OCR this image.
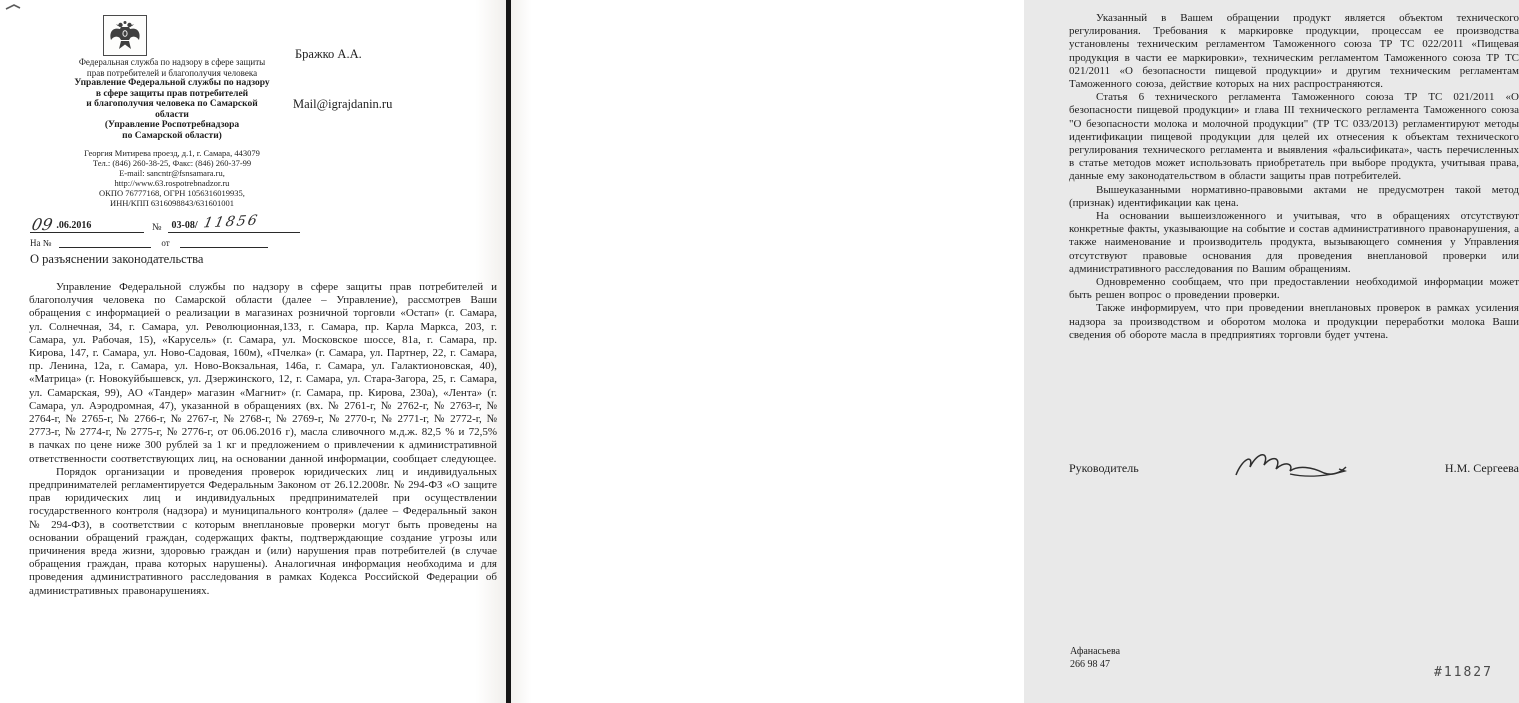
Федеральная служба по надзору в сфере защиты
прав потребителей и благополучия человека
Управление Федеральной службы по надзору
в сфере защиты прав потребителей
и благополучия человека по Самарской
области
(Управление Роспотребнадзора
по Самарской области)
Георгия Митирева проезд, д.1, г. Самара, 443079
Тел.: (846) 260-38-25, Факс: (846) 260-37-99
E-mail: sancntr@fsnsamara.ru,
http://www.63.rospotrebnadzor.ru
ОКПО 76777168, ОГРН 1056316019935,
ИНН/КПП 6316098843/631601001
09 .06.2016	№ 03-08/ 11856
На №	от
О разъяснении законодательства
Бражко А.А.
Mail@igrajdanin.ru

Управление Федеральной службы по надзору в сфере защиты прав потребителей и благополучия человека по Самарской области (далее – Управление), рассмотрев Ваши обращения с информацией о реализации в магазинах розничной торговли «Остап» (г. Самара, ул. Солнечная, 34, г. Самара, ул. Революционная,133, г. Самара, пр. Карла Маркса, 203, г. Самара, ул. Рабочая, 15), «Карусель» (г. Самара, ул. Московское шоссе, 81а, г. Самара, пр. Кирова, 147, г. Самара, ул. Ново-Садовая, 160м), «Пчелка» (г. Самара, ул. Партнер, 22, г. Самара, пр. Ленина, 12а, г. Самара, ул. Ново-Вокзальная, 146а, г. Самара, ул. Галактионовская, 40), «Матрица» (г. Новокуйбышевск, ул. Дзержинского, 12, г. Самара, ул. Стара-Загора, 25, г. Самара, ул. Самарская, 99), АО «Тандер» магазин «Магнит» (г. Самара, пр. Кирова, 230а), «Лента» (г. Самара, ул. Аэродромная, 47), указанной в обращениях (вх. № 2761-г, № 2762-г, № 2763-г, № 2764-г, № 2765-г, № 2766-г, № 2767-г, № 2768-г, № 2769-г, № 2770-г, № 2771-г, № 2772-г, № 2773-г, № 2774-г, № 2775-г, № 2776-г, от 06.06.2016 г), масла сливочного м.д.ж. 82,5 % и 72,5% в пачках по цене ниже 300 рублей за 1 кг и предложением о привлечении к административной ответственности соответствующих лиц, на основании данной информации, сообщает следующее.

Порядок организации и проведения проверок юридических лиц и индивидуальных предпринимателей регламентируется Федеральным Законом от 26.12.2008г. № 294-ФЗ «О защите прав юридических лиц и индивидуальных предпринимателей при осуществлении государственного контроля (надзора) и муниципального контроля» (далее – Федеральный закон № 294-ФЗ), в соответствии с которым внеплановые проверки могут быть проведены на основании обращений граждан, содержащих факты, подтверждающие создание угрозы или причинения вреда жизни, здоровью граждан и (или) нарушения прав потребителей (в случае обращения граждан, права которых нарушены). Аналогичная информация необходима и для проведения административного расследования в рамках Кодекса Российской Федерации об административных правонарушениях.

Указанный в Вашем обращении продукт является объектом технического регулирования. Требования к маркировке продукции, процессам ее производства установлены техническим регламентом Таможенного союза ТР ТС 022/2011 «Пищевая продукция в части ее маркировки», техническим регламентом Таможенного союза ТР ТС 021/2011 «О безопасности пищевой продукции» и другим техническим регламентам Таможенного союза, действие которых на них распространяются.

Статья 6 технического регламента Таможенного союза ТР ТС 021/2011 «О безопасности пищевой продукции» и глава III технического регламента Таможенного союза "О безопасности молока и молочной продукции" (ТР ТС 033/2013) регламентируют методы идентификации пищевой продукции для целей их отнесения к объектам технического регулирования технического регламента и выявления «фальсификата», часть перечисленных в статье методов может использовать приобретатель при выборе продукта, учитывая права, данные ему законодательством в области защиты прав потребителей.

Вышеуказанными нормативно-правовыми актами не предусмотрен такой метод (признак) идентификации как цена.

На основании вышеизложенного и учитывая, что в обращениях отсутствуют конкретные факты, указывающие на событие и состав административного правонарушения, а также наименование и производитель продукта, вызывающего сомнения у Управления отсутствуют правовые основания для проведения внеплановой проверки или административного расследования по Вашим обращениям.

Одновременно сообщаем, что при предоставлении необходимой информации может быть решен вопрос о проведении проверки.

Также информируем, что при проведении внеплановых проверок в рамках усиления надзора за производством и оборотом молока и продукции переработки молока Ваши сведения об обороте масла в предприятиях торговли будет учтена.

Руководитель	Н.М. Сергеева
Афанасьева
266 98 47
#11827
